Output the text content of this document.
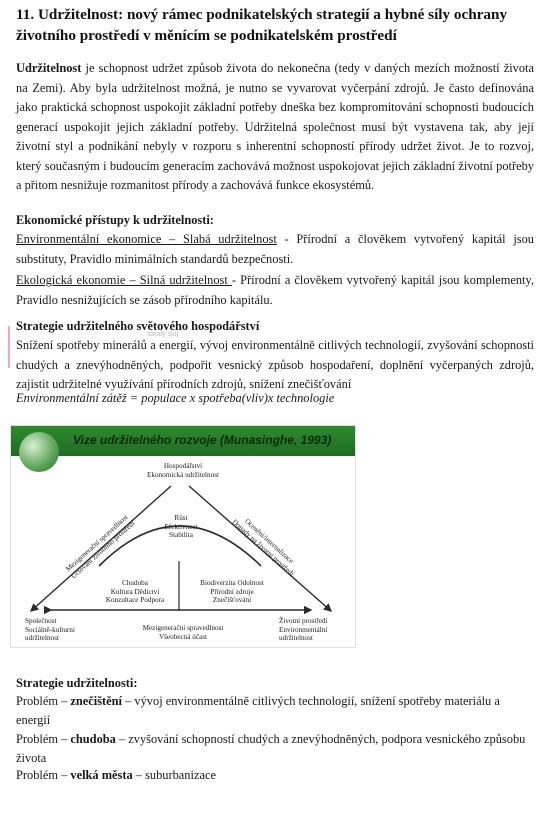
11. Udržitelnost: nový rámec podnikatelských strategií a hybné síly ochrany životního prostředí v měnícím se podnikatelském prostředí

Udržitelnost je schopnost udržet způsob života do nekonečna (tedy v daných mezích možností života na Zemi). Aby byla udržitelnost možná, je nutno se vyvarovat vyčerpání zdrojů. Je často definována jako praktická schopnost uspokojit základní potřeby dneška bez kompromitování schopnosti budoucích generací uspokojit jejich základní potřeby. Udržitelná společnost musí být vystavena tak, aby její životní styl a podnikání nebyly v rozporu s inherentní schopností přírody udržet život. Je to rozvoj, který současným i budoucím generacím zachovává možnost uspokojovat jejich základní životní potřeby a přitom nesnižuje rozmanitost přírody a zachovává funkce ekosystémů.

Ekonomické přístupy k udržitelnosti:

Environmentální ekonomice – Slabá udržitelnost - Přírodní a člověkem vytvořený kapitál jsou substituty, Pravidlo minimálních standardů bezpečnosti.

Ekologická ekonomie – Silná udržitelnost - Přírodní a člověkem vytvořený kapitál jsou komplementy, Pravidlo nesnižujících se zásob přírodního kapitálu.

Strategie udržitelného světového hospodářství
Idealy sluj

Snížení spotřeby minerálů a energií, vývoj environmentálně citlivých technologií, zvyšování schopnosti chudých a znevýhodněných, podpořit vesnický způsob hospodaření, doplnění vyčerpaných zdrojů, zajistit udržitelné využívání přírodních zdrojů, snížení znečišťování

Environmentální zátěž = populace x spotřeba(vliv)x technologie

Vize udržitelného rozvoje (Munasinghe, 1993)
Hospodářství
Ekonomická udržitelnost
Růst
Efektivnost
Stabilita
Mezigenerační spravedlnost
Učtování životního prostředí	Ocenění/internalizace
Dopady na životní prostředí
Chudoba
Kultura Dědictví
Konzultace Podpora
Biodiverzita Odolnost
Přírodní zdroje
Znečišťování
Společnost
Sociálně-kulturní
udržitelnost
Mezigenerační spravedlnost
Všeobecná účast
Životní prostředí
Environmentální
udržitelnost
Strategie udržitelnosti:

Problém – znečištění – vývoj environmentálně citlivých technologií, snížení spotřeby materiálu a energií

Problém – chudoba – zvyšování schopností chudých a znevýhodněných, podpora vesnického způsobu života

Problém – velká města – suburbanizace
